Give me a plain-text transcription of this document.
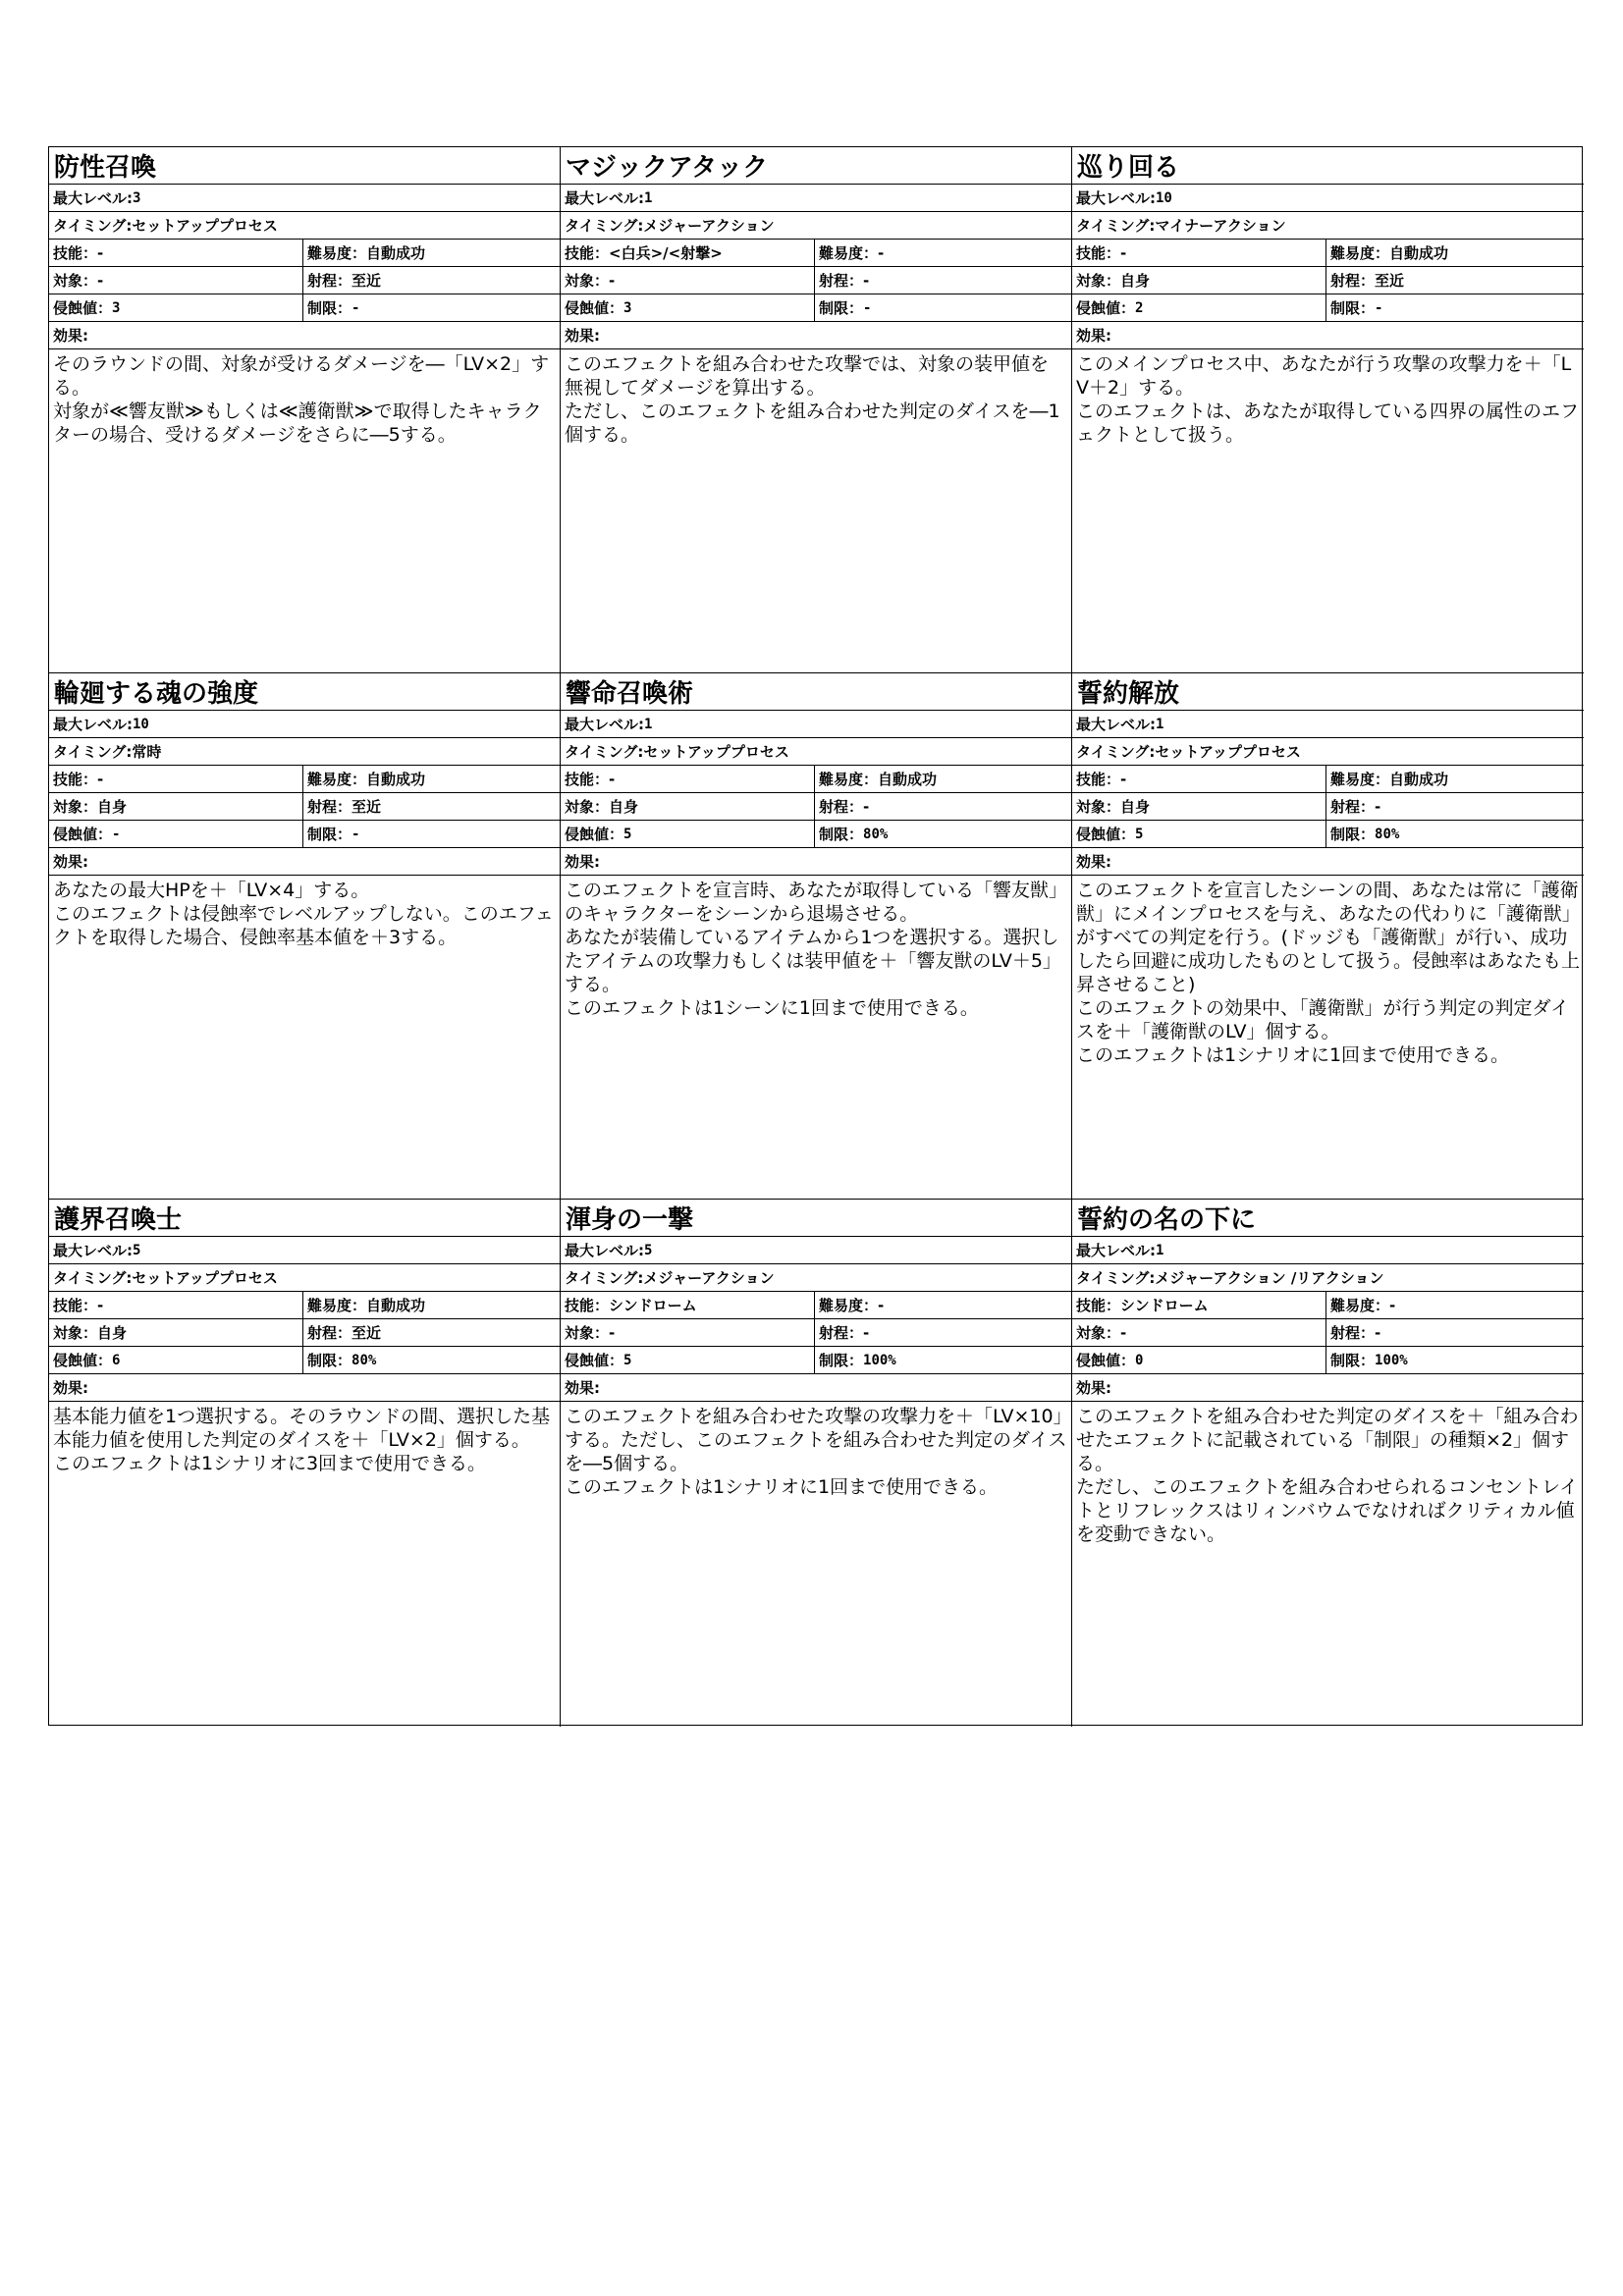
防性召喚
最大レベル: 3
タイミング: セットアッププロセス
技能： -	難易度： 自動成功
対象： -	射程： 至近
侵蝕値： 3	制限： -
効果:
そのラウンドの間、対象が受けるダメージを―「LV×2」する。
対象が≪響友獣≫もしくは≪護衛獣≫で取得したキャラクターの場合、受けるダメージをさらに―5する。
マジックアタック
最大レベル: 1
タイミング: メジャーアクション
技能： <白兵>/<射撃>	難易度： -
対象： -	射程： -
侵蝕値： 3	制限： -
効果:
このエフェクトを組み合わせた攻撃では、対象の装甲値を無視してダメージを算出する。
ただし、このエフェクトを組み合わせた判定のダイスを―1個する。
巡り回る
最大レベル: 10
タイミング: マイナーアクション
技能： -	難易度： 自動成功
対象： 自身	射程： 至近
侵蝕値： 2	制限： -
効果:
このメインプロセス中、あなたが行う攻撃の攻撃力を＋「LV＋2」する。
このエフェクトは、あなたが取得している四界の属性のエフェクトとして扱う。
輪廻する魂の強度
最大レベル: 10
タイミング: 常時
技能： -	難易度： 自動成功
対象： 自身	射程： 至近
侵蝕値： -	制限： -
効果:
あなたの最大HPを＋「LV×4」する。
このエフェクトは侵蝕率でレベルアップしない。このエフェクトを取得した場合、侵蝕率基本値を＋3する。
響命召喚術
最大レベル: 1
タイミング: セットアッププロセス
技能： -	難易度： 自動成功
対象： 自身	射程： -
侵蝕値： 5	制限： 80%
効果:
このエフェクトを宣言時、あなたが取得している「響友獣」のキャラクターをシーンから退場させる。
あなたが装備しているアイテムから1つを選択する。選択したアイテムの攻撃力もしくは装甲値を＋「響友獣のLV＋5」する。
このエフェクトは1シーンに1回まで使用できる。
誓約解放
最大レベル: 1
タイミング: セットアッププロセス
技能： -	難易度： 自動成功
対象： 自身	射程： -
侵蝕値： 5	制限： 80%
効果:
このエフェクトを宣言したシーンの間、あなたは常に「護衛獣」にメインプロセスを与え、あなたの代わりに「護衛獣」がすべての判定を行う。(ドッジも「護衛獣」が行い、成功したら回避に成功したものとして扱う。侵蝕率はあなたも上昇させること)
このエフェクトの効果中、「護衛獣」が行う判定の判定ダイスを＋「護衛獣のLV」個する。
このエフェクトは1シナリオに1回まで使用できる。
護界召喚士
最大レベル: 5
タイミング: セットアッププロセス
技能： -	難易度： 自動成功
対象： 自身	射程： 至近
侵蝕値： 6	制限： 80%
効果:
基本能力値を1つ選択する。そのラウンドの間、選択した基本能力値を使用した判定のダイスを＋「LV×2」個する。
このエフェクトは1シナリオに3回まで使用できる。
渾身の一撃
最大レベル: 5
タイミング: メジャーアクション
技能： シンドローム	難易度： -
対象： -	射程： -
侵蝕値： 5	制限： 100%
効果:
このエフェクトを組み合わせた攻撃の攻撃力を＋「LV×10」する。ただし、このエフェクトを組み合わせた判定のダイスを―5個する。
このエフェクトは1シナリオに1回まで使用できる。
誓約の名の下に
最大レベル: 1
タイミング: メジャーアクション /リアクション
技能： シンドローム	難易度： -
対象： -	射程： -
侵蝕値： 0	制限： 100%
効果:
このエフェクトを組み合わせた判定のダイスを＋「組み合わせたエフェクトに記載されている「制限」の種類×2」個する。
ただし、このエフェクトを組み合わせられるコンセントレイトとリフレックスはリィンバウムでなければクリティカル値を変動できない。
